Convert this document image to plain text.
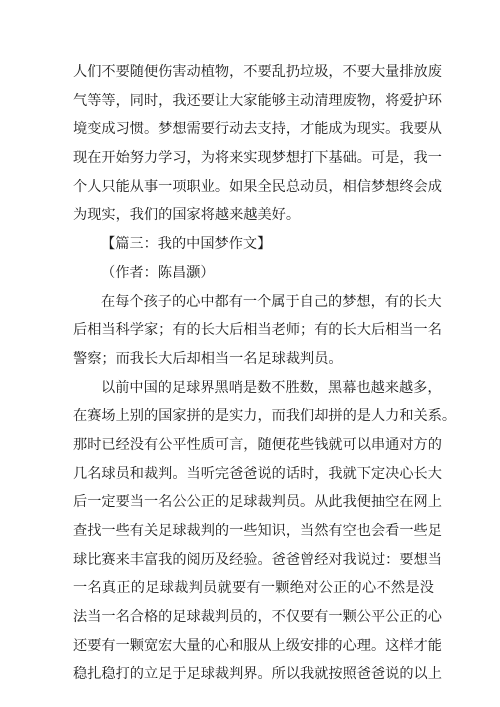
人们不要随便伤害动植物，不要乱扔垃圾，不要大量排放废
气等等，同时，我还要让大家能够主动清理废物，将爱护环
境变成习惯。梦想需要行动去支持，才能成为现实。我要从
现在开始努力学习，为将来实现梦想打下基础。可是，我一
个人只能从事一项职业。如果全民总动员，相信梦想终会成
为现实，我们的国家将越来越美好。
【篇三：我的中国梦作文】
（作者：陈昌灏）
在每个孩子的心中都有一个属于自己的梦想，有的长大
后相当科学家；有的长大后相当老师；有的长大后相当一名
警察；而我长大后却相当一名足球裁判员。
以前中国的足球界黑哨是数不胜数，黑幕也越来越多，
在赛场上别的国家拼的是实力，而我们却拼的是人力和关系。
那时已经没有公平性质可言，随便花些钱就可以串通对方的
几名球员和裁判。当听完爸爸说的话时，我就下定决心长大
后一定要当一名公公正的足球裁判员。从此我便抽空在网上
查找一些有关足球裁判的一些知识，当然有空也会看一些足
球比赛来丰富我的阅历及经验。爸爸曾经对我说过：要想当
一名真正的足球裁判员就要有一颗绝对公正的心不然是没
法当一名合格的足球裁判员的，不仅要有一颗公平公正的心
还要有一颗宽宏大量的心和服从上级安排的心理。这样才能
稳扎稳打的立足于足球裁判界。所以我就按照爸爸说的以上
